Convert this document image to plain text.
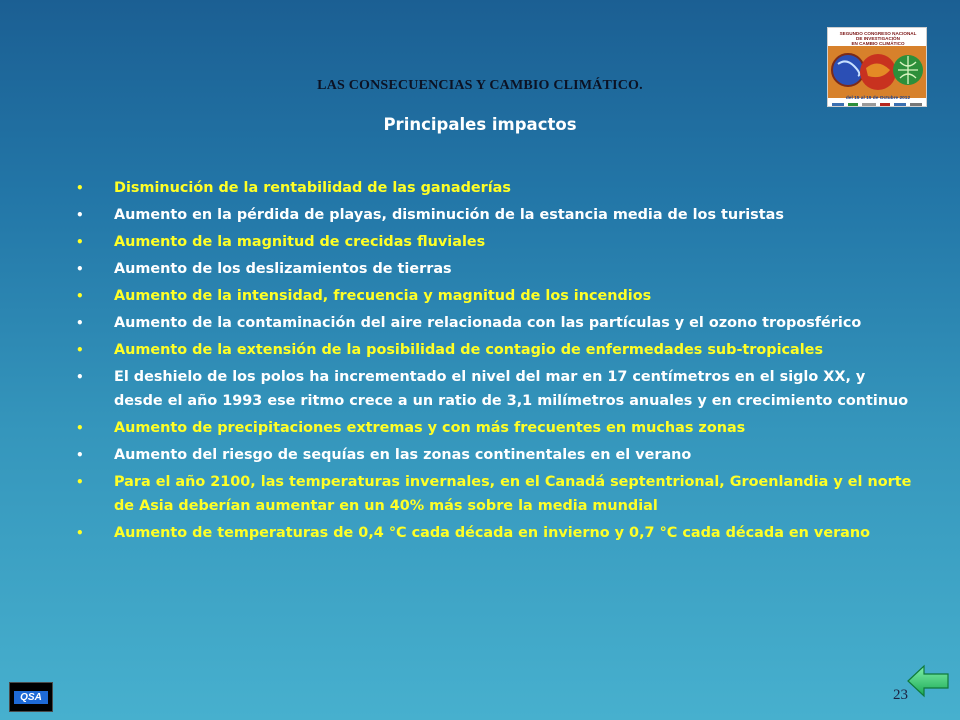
LAS CONSECUENCIAS Y CAMBIO CLIMÁTICO.
Principales impactos
SEGUNDO CONGRESO NACIONAL
DE INVESTIGACIÓN
EN CAMBIO CLIMÁTICO
del 15 al 19 de Octubre 2012
• Disminución de la rentabilidad de las ganaderías
• Aumento en la pérdida de playas, disminución de la estancia media de los turistas
• Aumento de la magnitud de crecidas fluviales
• Aumento de los deslizamientos de tierras
• Aumento de la intensidad, frecuencia y magnitud de los incendios
• Aumento de la contaminación del aire relacionada con las partículas y el ozono troposférico
• Aumento de la extensión de la posibilidad de contagio de enfermedades sub-tropicales
• El deshielo de los polos ha incrementado el nivel del mar en 17 centímetros en el siglo XX, y desde el año 1993 ese ritmo crece a un ratio de 3,1 milímetros anuales y en crecimiento continuo
• Aumento de precipitaciones extremas y con más frecuentes en muchas zonas
• Aumento del riesgo de sequías en las zonas continentales en el verano
• Para el año 2100, las temperaturas invernales, en el Canadá septentrional, Groenlandia y el norte de Asia deberían aumentar en un 40% más sobre la media mundial
• Aumento de temperaturas de 0,4 °C cada década en invierno y 0,7 °C cada década en verano
23
QSA
